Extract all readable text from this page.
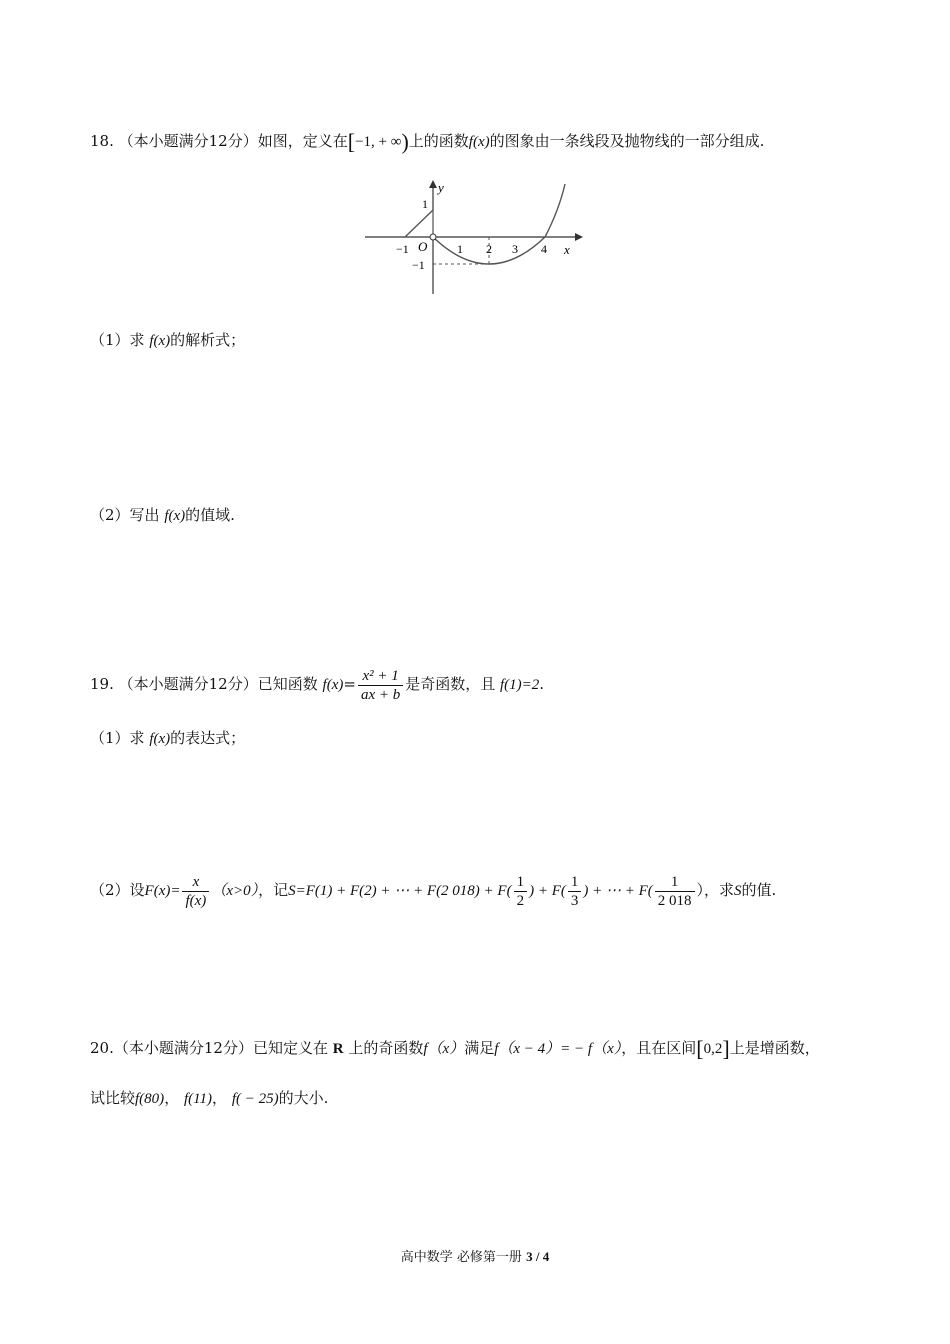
18. （本小题满分12分）如图，定义在[−1, + ∞)上的函数f(x)的图象由一条线段及抛物线的一部分组成.
y
x
O
1
−1
−1	1 2 3 4
（1）求 f(x)的解析式；
（2）写出 f(x)的值域.
19. （本小题满分12分）已知函数 $f(x)= \frac{\text{x² + 1}}{ax + b}$ 是奇函数，且 f(1)=2.
（1）求 f(x)的表达式；
（2）设$F(x)= \frac{x}{f(x)} (x>0)$，记S=F(1) + F(2) + ⋯ + F(2 $018) + F( \frac{1}{2}$ ) + $F( \frac{1}{3}$ ) + ⋯ + $F( \frac{1}{2 018}$ ），求S的值.
20.（本小题满分12分）已知定义在 R 上的奇函数f（x）满足f（x − 4）= − f（x），且在区间[0,2]上是增函数，
试比较f(80)， f(11)， f( − 25)的大小.
高中数学 必修第一册 3 / 4
